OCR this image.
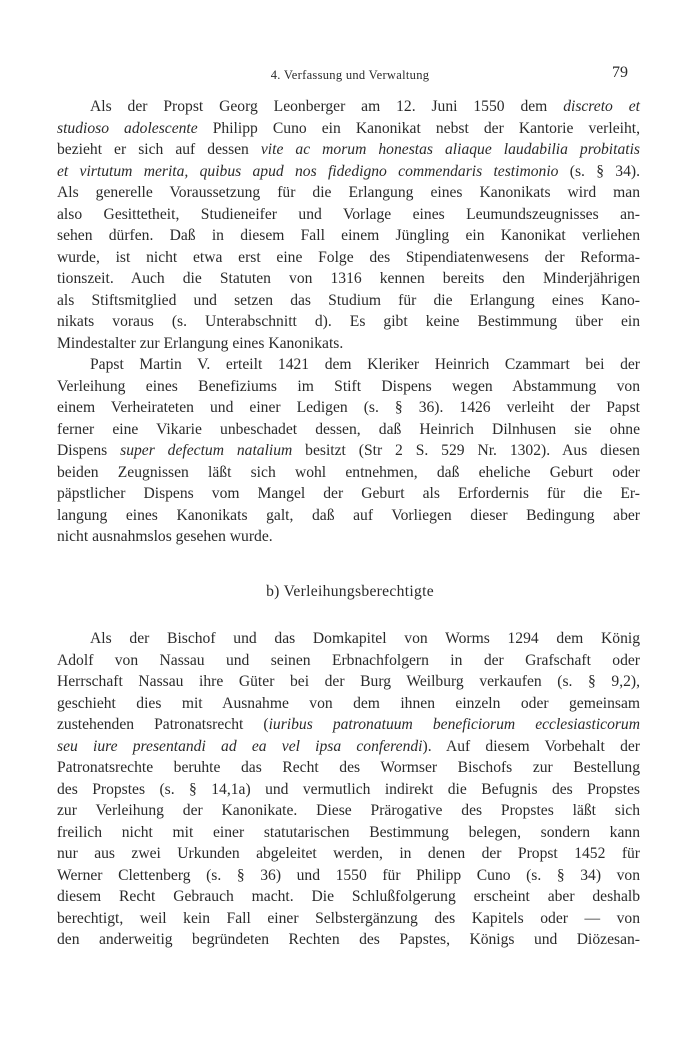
4. Verfassung und Verwaltung	79
Als der Propst Georg Leonberger am 12. Juni 1550 dem discreto et
studioso adolescente Philipp Cuno ein Kanonikat nebst der Kantorie verleiht,
bezieht er sich auf dessen vite ac morum honestas aliaque laudabilia probitatis
et virtutum merita, quibus apud nos fidedigno commendaris testimonio (s. § 34).
Als generelle Voraussetzung für die Erlangung eines Kanonikats wird man
also Gesittetheit, Studieneifer und Vorlage eines Leumundszeugnisses an-
sehen dürfen. Daß in diesem Fall einem Jüngling ein Kanonikat verliehen
wurde, ist nicht etwa erst eine Folge des Stipendiatenwesens der Reforma-
tionszeit. Auch die Statuten von 1316 kennen bereits den Minderjährigen
als Stiftsmitglied und setzen das Studium für die Erlangung eines Kano-
nikats voraus (s. Unterabschnitt d). Es gibt keine Bestimmung über ein
Mindestalter zur Erlangung eines Kanonikats.
Papst Martin V. erteilt 1421 dem Kleriker Heinrich Czammart bei der
Verleihung eines Benefiziums im Stift Dispens wegen Abstammung von
einem Verheirateten und einer Ledigen (s. § 36). 1426 verleiht der Papst
ferner eine Vikarie unbeschadet dessen, daß Heinrich Dilnhusen sie ohne
Dispens super defectum natalium besitzt (Str 2 S. 529 Nr. 1302). Aus diesen
beiden Zeugnissen läßt sich wohl entnehmen, daß eheliche Geburt oder
päpstlicher Dispens vom Mangel der Geburt als Erfordernis für die Er-
langung eines Kanonikats galt, daß auf Vorliegen dieser Bedingung aber
nicht ausnahmslos gesehen wurde.
b) Verleihungsberechtigte
Als der Bischof und das Domkapitel von Worms 1294 dem König
Adolf von Nassau und seinen Erbnachfolgern in der Grafschaft oder
Herrschaft Nassau ihre Güter bei der Burg Weilburg verkaufen (s. § 9,2),
geschieht dies mit Ausnahme von dem ihnen einzeln oder gemeinsam
zustehenden Patronatsrecht (iuribus patronatuum beneficiorum ecclesiasticorum
seu iure presentandi ad ea vel ipsa conferendi). Auf diesem Vorbehalt der
Patronatsrechte beruhte das Recht des Wormser Bischofs zur Bestellung
des Propstes (s. § 14,1a) und vermutlich indirekt die Befugnis des Propstes
zur Verleihung der Kanonikate. Diese Prärogative des Propstes läßt sich
freilich nicht mit einer statutarischen Bestimmung belegen, sondern kann
nur aus zwei Urkunden abgeleitet werden, in denen der Propst 1452 für
Werner Clettenberg (s. § 36) und 1550 für Philipp Cuno (s. § 34) von
diesem Recht Gebrauch macht. Die Schlußfolgerung erscheint aber deshalb
berechtigt, weil kein Fall einer Selbstergänzung des Kapitels oder — von
den anderweitig begründeten Rechten des Papstes, Königs und Diözesan-
